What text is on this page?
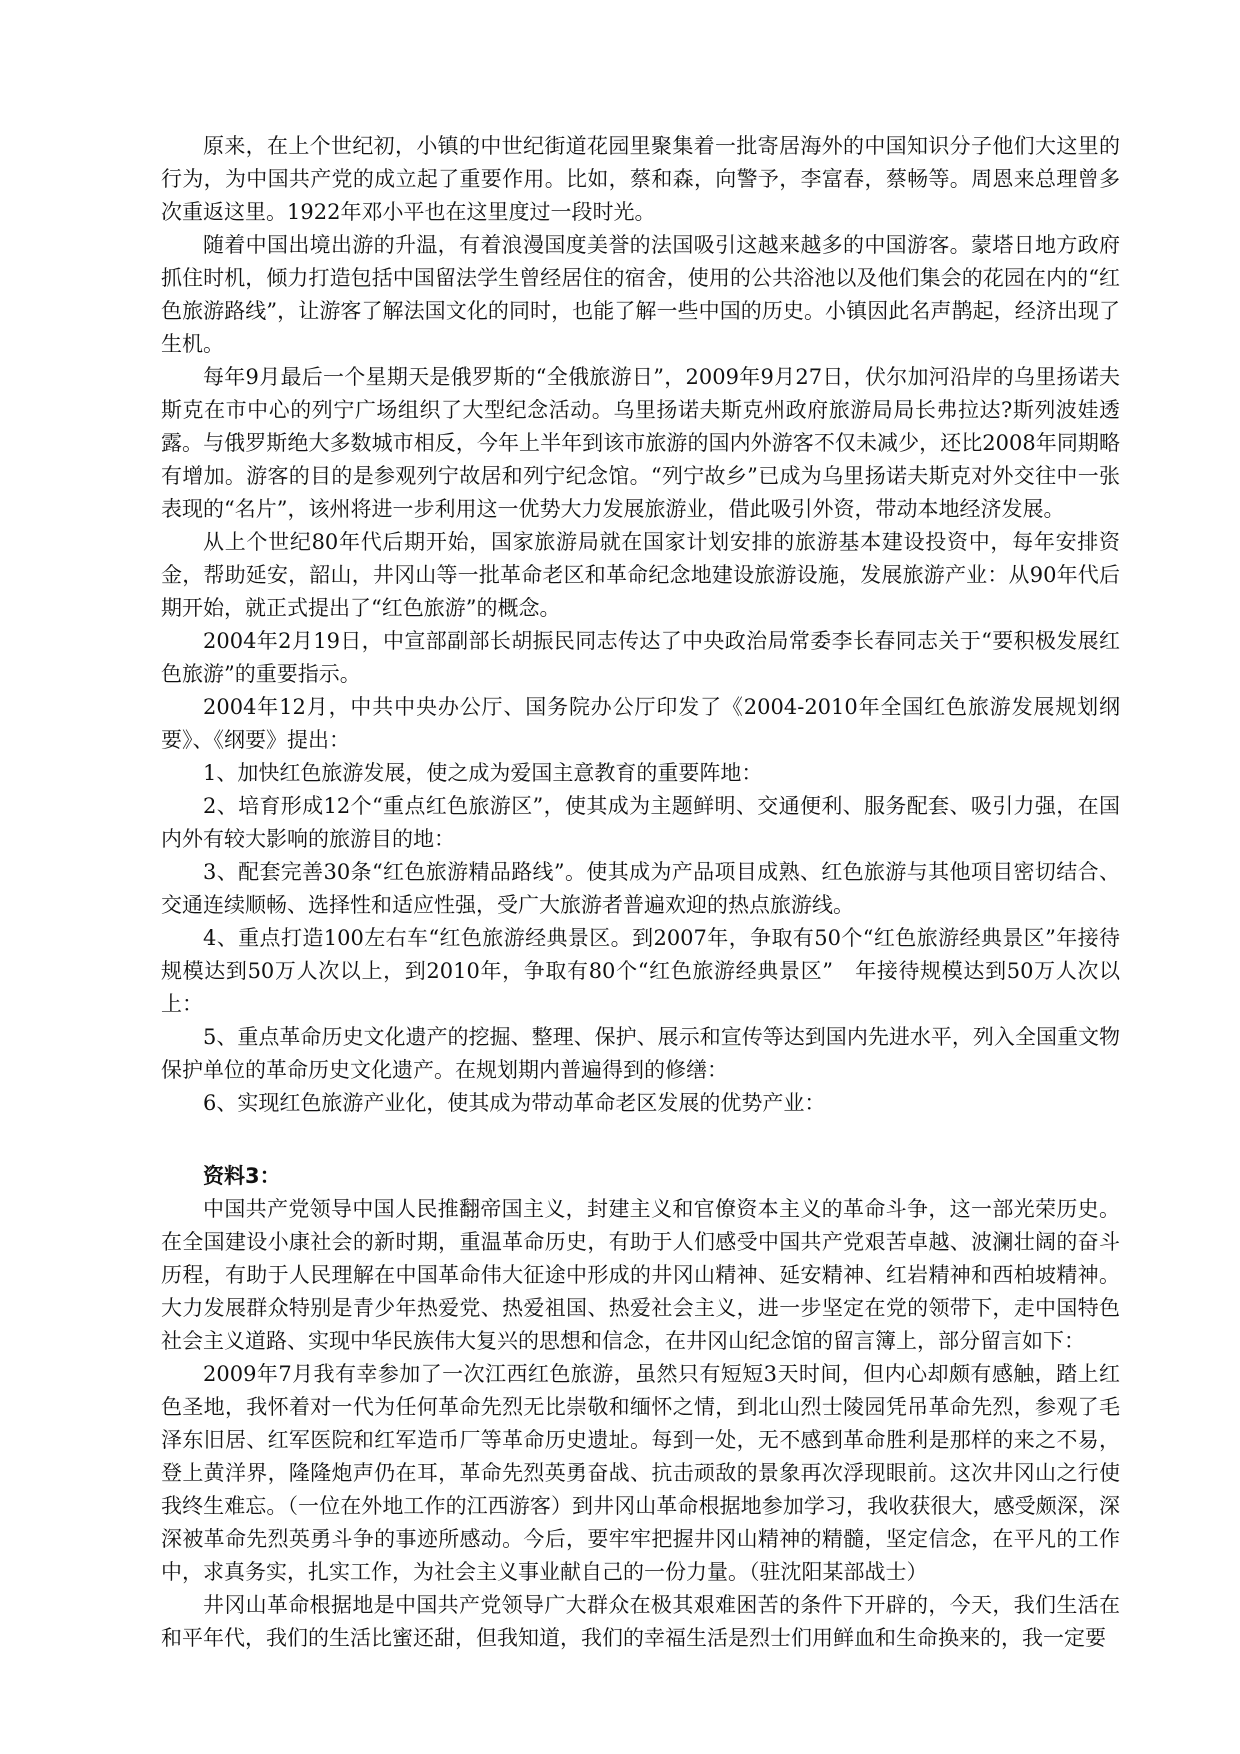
原来，在上个世纪初，小镇的中世纪街道花园里聚集着一批寄居海外的中国知识分子他们大这里的行为，为中国共产党的成立起了重要作用。比如，蔡和森，向警予，李富春，蔡畅等。周恩来总理曾多次重返这里。1922年邓小平也在这里度过一段时光。

随着中国出境出游的升温，有着浪漫国度美誉的法国吸引这越来越多的中国游客。蒙塔日地方政府抓住时机，倾力打造包括中国留法学生曾经居住的宿舍，使用的公共浴池以及他们集会的花园在内的“红色旅游路线”，让游客了解法国文化的同时，也能了解一些中国的历史。小镇因此名声鹊起，经济出现了生机。

每年9月最后一个星期天是俄罗斯的“全俄旅游日”，2009年9月27日，伏尔加河沿岸的乌里扬诺夫斯克在市中心的列宁广场组织了大型纪念活动。乌里扬诺夫斯克州政府旅游局局长弗拉达?斯列波娃透露。与俄罗斯绝大多数城市相反，今年上半年到该市旅游的国内外游客不仅未减少，还比2008年同期略有增加。游客的目的是参观列宁故居和列宁纪念馆。“列宁故乡”已成为乌里扬诺夫斯克对外交往中一张表现的“名片”，该州将进一步利用这一优势大力发展旅游业，借此吸引外资，带动本地经济发展。

从上个世纪80年代后期开始，国家旅游局就在国家计划安排的旅游基本建设投资中，每年安排资金，帮助延安，韶山，井冈山等一批革命老区和革命纪念地建设旅游设施，发展旅游产业：从90年代后期开始，就正式提出了“红色旅游”的概念。

2004年2月19日，中宣部副部长胡振民同志传达了中央政治局常委李长春同志关于“要积极发展红色旅游”的重要指示。

2004年12月，中共中央办公厅、国务院办公厅印发了《2004-2010年全国红色旅游发展规划纲要》、《纲要》提出：

1、加快红色旅游发展，使之成为爱国主意教育的重要阵地：

2、培育形成12个“重点红色旅游区”，使其成为主题鲜明、交通便利、服务配套、吸引力强，在国内外有较大影响的旅游目的地：

3、配套完善30条“红色旅游精品路线”。使其成为产品项目成熟、红色旅游与其他项目密切结合、交通连续顺畅、选择性和适应性强，受广大旅游者普遍欢迎的热点旅游线。

4、重点打造100左右车“红色旅游经典景区。到2007年，争取有50个“红色旅游经典景区”年接待规模达到50万人次以上，到2010年，争取有80个“红色旅游经典景区”　年接待规模达到50万人次以上：

5、重点革命历史文化遗产的挖掘、整理、保护、展示和宣传等达到国内先进水平，列入全国重文物保护单位的革命历史文化遗产。在规划期内普遍得到的修缮：

6、实现红色旅游产业化，使其成为带动革命老区发展的优势产业：

资料3：

中国共产党领导中国人民推翻帝国主义，封建主义和官僚资本主义的革命斗争，这一部光荣历史。在全国建设小康社会的新时期，重温革命历史，有助于人们感受中国共产党艰苦卓越、波澜壮阔的奋斗历程，有助于人民理解在中国革命伟大征途中形成的井冈山精神、延安精神、红岩精神和西柏坡精神。大力发展群众特别是青少年热爱党、热爱祖国、热爱社会主义，进一步坚定在党的领带下，走中国特色社会主义道路、实现中华民族伟大复兴的思想和信念，在井冈山纪念馆的留言簿上，部分留言如下：

2009年7月我有幸参加了一次江西红色旅游，虽然只有短短3天时间，但内心却颇有感触，踏上红色圣地，我怀着对一代为任何革命先烈无比崇敬和缅怀之情，到北山烈士陵园凭吊革命先烈，参观了毛泽东旧居、红军医院和红军造币厂等革命历史遗址。每到一处，无不感到革命胜利是那样的来之不易，登上黄洋界，隆隆炮声仍在耳，革命先烈英勇奋战、抗击顽敌的景象再次浮现眼前。这次井冈山之行使我终生难忘。（一位在外地工作的江西游客）到井冈山革命根据地参加学习，我收获很大，感受颇深，深深被革命先烈英勇斗争的事迹所感动。今后，要牢牢把握井冈山精神的精髓，坚定信念，在平凡的工作中，求真务实，扎实工作，为社会主义事业献自己的一份力量。（驻沈阳某部战士）

井冈山革命根据地是中国共产党领导广大群众在极其艰难困苦的条件下开辟的，今天，我们生活在和平年代，我们的生活比蜜还甜，但我知道，我们的幸福生活是烈士们用鲜血和生命换来的，我一定要
